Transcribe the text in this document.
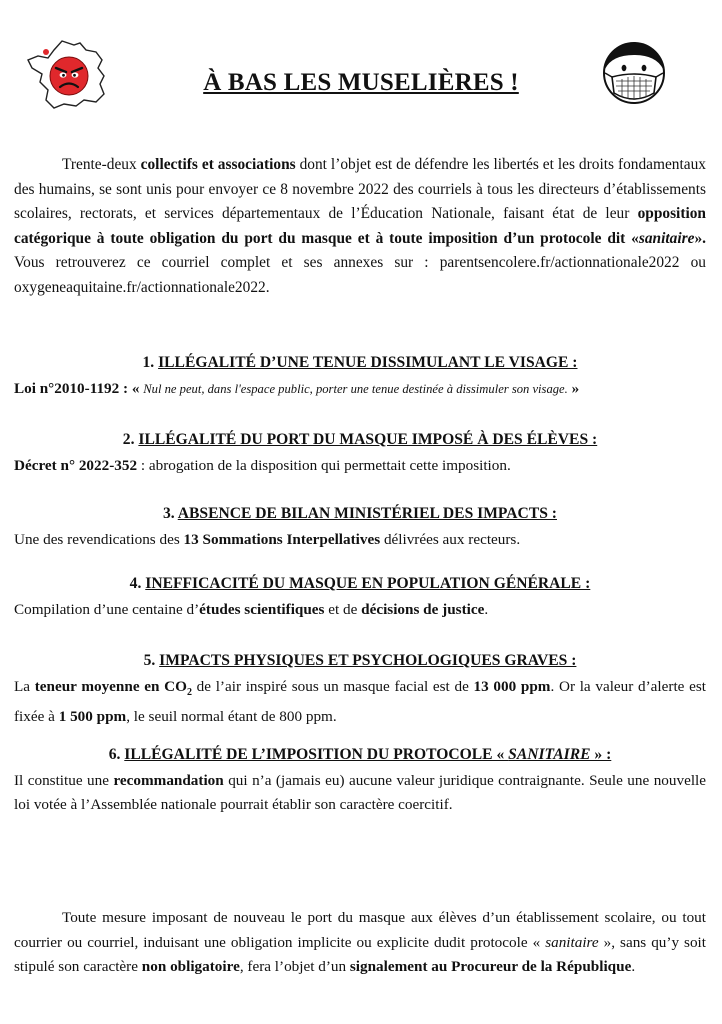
À BAS LES MUSELIÈRES !

Trente-deux collectifs et associations dont l’objet est de défendre les libertés et les droits fondamentaux des humains, se sont unis pour envoyer ce 8 novembre 2022 des courriels à tous les directeurs d’établissements scolaires, rectorats, et services départementaux de l’Éducation Nationale, faisant état de leur opposition catégorique à toute obligation du port du masque et à toute imposition d’un protocole dit «sanitaire». Vous retrouverez ce courriel complet et ses annexes sur : parentsencolere.fr/actionnationale2022 ou oxygeneaquitaine.fr/actionnationale2022.

1. ILLÉGALITÉ D’UNE TENUE DISSIMULANT LE VISAGE :
Loi n°2010-1192 : « Nul ne peut, dans l'espace public, porter une tenue destinée à dissimuler son visage. »
2. ILLÉGALITÉ DU PORT DU MASQUE IMPOSÉ À DES ÉLÈVES :
Décret n° 2022-352 : abrogation de la disposition qui permettait cette imposition.
3. ABSENCE DE BILAN MINISTÉRIEL DES IMPACTS :
Une des revendications des 13 Sommations Interpellatives délivrées aux recteurs.
4. INEFFICACITÉ DU MASQUE EN POPULATION GÉNÉRALE :
Compilation d’une centaine d’études scientifiques et de décisions de justice.
5. IMPACTS PHYSIQUES ET PSYCHOLOGIQUES GRAVES :
La teneur moyenne en $CO_2$ de l’air inspiré sous un masque facial est de 13 000 ppm. Or la valeur d’alerte est fixée à 1 500 ppm, le seuil normal étant de 800 ppm.
6. ILLÉGALITÉ DE L’IMPOSITION DU PROTOCOLE « SANITAIRE » :
Il constitue une recommandation qui n’a (jamais eu) aucune valeur juridique contraignante. Seule une nouvelle loi votée à l’Assemblée nationale pourrait établir son caractère coercitif.

Toute mesure imposant de nouveau le port du masque aux élèves d’un établissement scolaire, ou tout courrier ou courriel, induisant une obligation implicite ou explicite dudit protocole « sanitaire », sans qu’y soit stipulé son caractère non obligatoire, fera l’objet d’un signalement au Procureur de la République.
